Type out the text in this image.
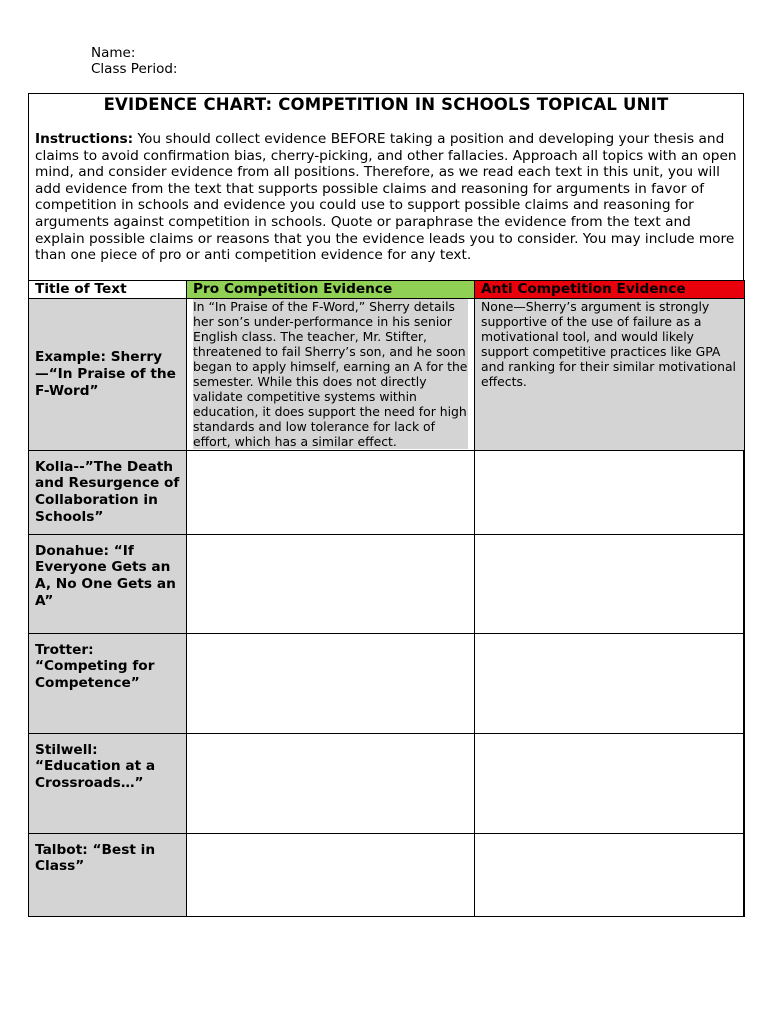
Name:
Class Period:
EVIDENCE CHART: COMPETITION IN SCHOOLS TOPICAL UNIT
Instructions: You should collect evidence BEFORE taking a position and developing your thesis and claims to avoid confirmation bias, cherry-picking, and other fallacies. Approach all topics with an open mind, and consider evidence from all positions. Therefore, as we read each text in this unit, you will add evidence from the text that supports possible claims and reasoning for arguments in favor of competition in schools and evidence you could use to support possible claims and reasoning for arguments against competition in schools. Quote or paraphrase the evidence from the text and explain possible claims or reasons that you the evidence leads you to consider. You may include more than one piece of pro or anti competition evidence for any text.
Title of Text	Pro Competition Evidence	Anti Competition Evidence
Example: Sherry —“In Praise of the F-Word”	In “In Praise of the F-Word,” Sherry details her son’s under-performance in his senior English class. The teacher, Mr. Stifter, threatened to fail Sherry’s son, and he soon began to apply himself, earning an A for the semester. While this does not directly validate competitive systems within education, it does support the need for high standards and low tolerance for lack of effort, which has a similar effect.	None—Sherry’s argument is strongly supportive of the use of failure as a motivational tool, and would likely support competitive practices like GPA and ranking for their similar motivational effects.
Kolla--”The Death and Resurgence of Collaboration in Schools”		
Donahue: “If Everyone Gets an A, No One Gets an A”		
Trotter: “Competing for Competence”		
Stilwell: “Education at a Crossroads…”		
Talbot: “Best in Class”		
